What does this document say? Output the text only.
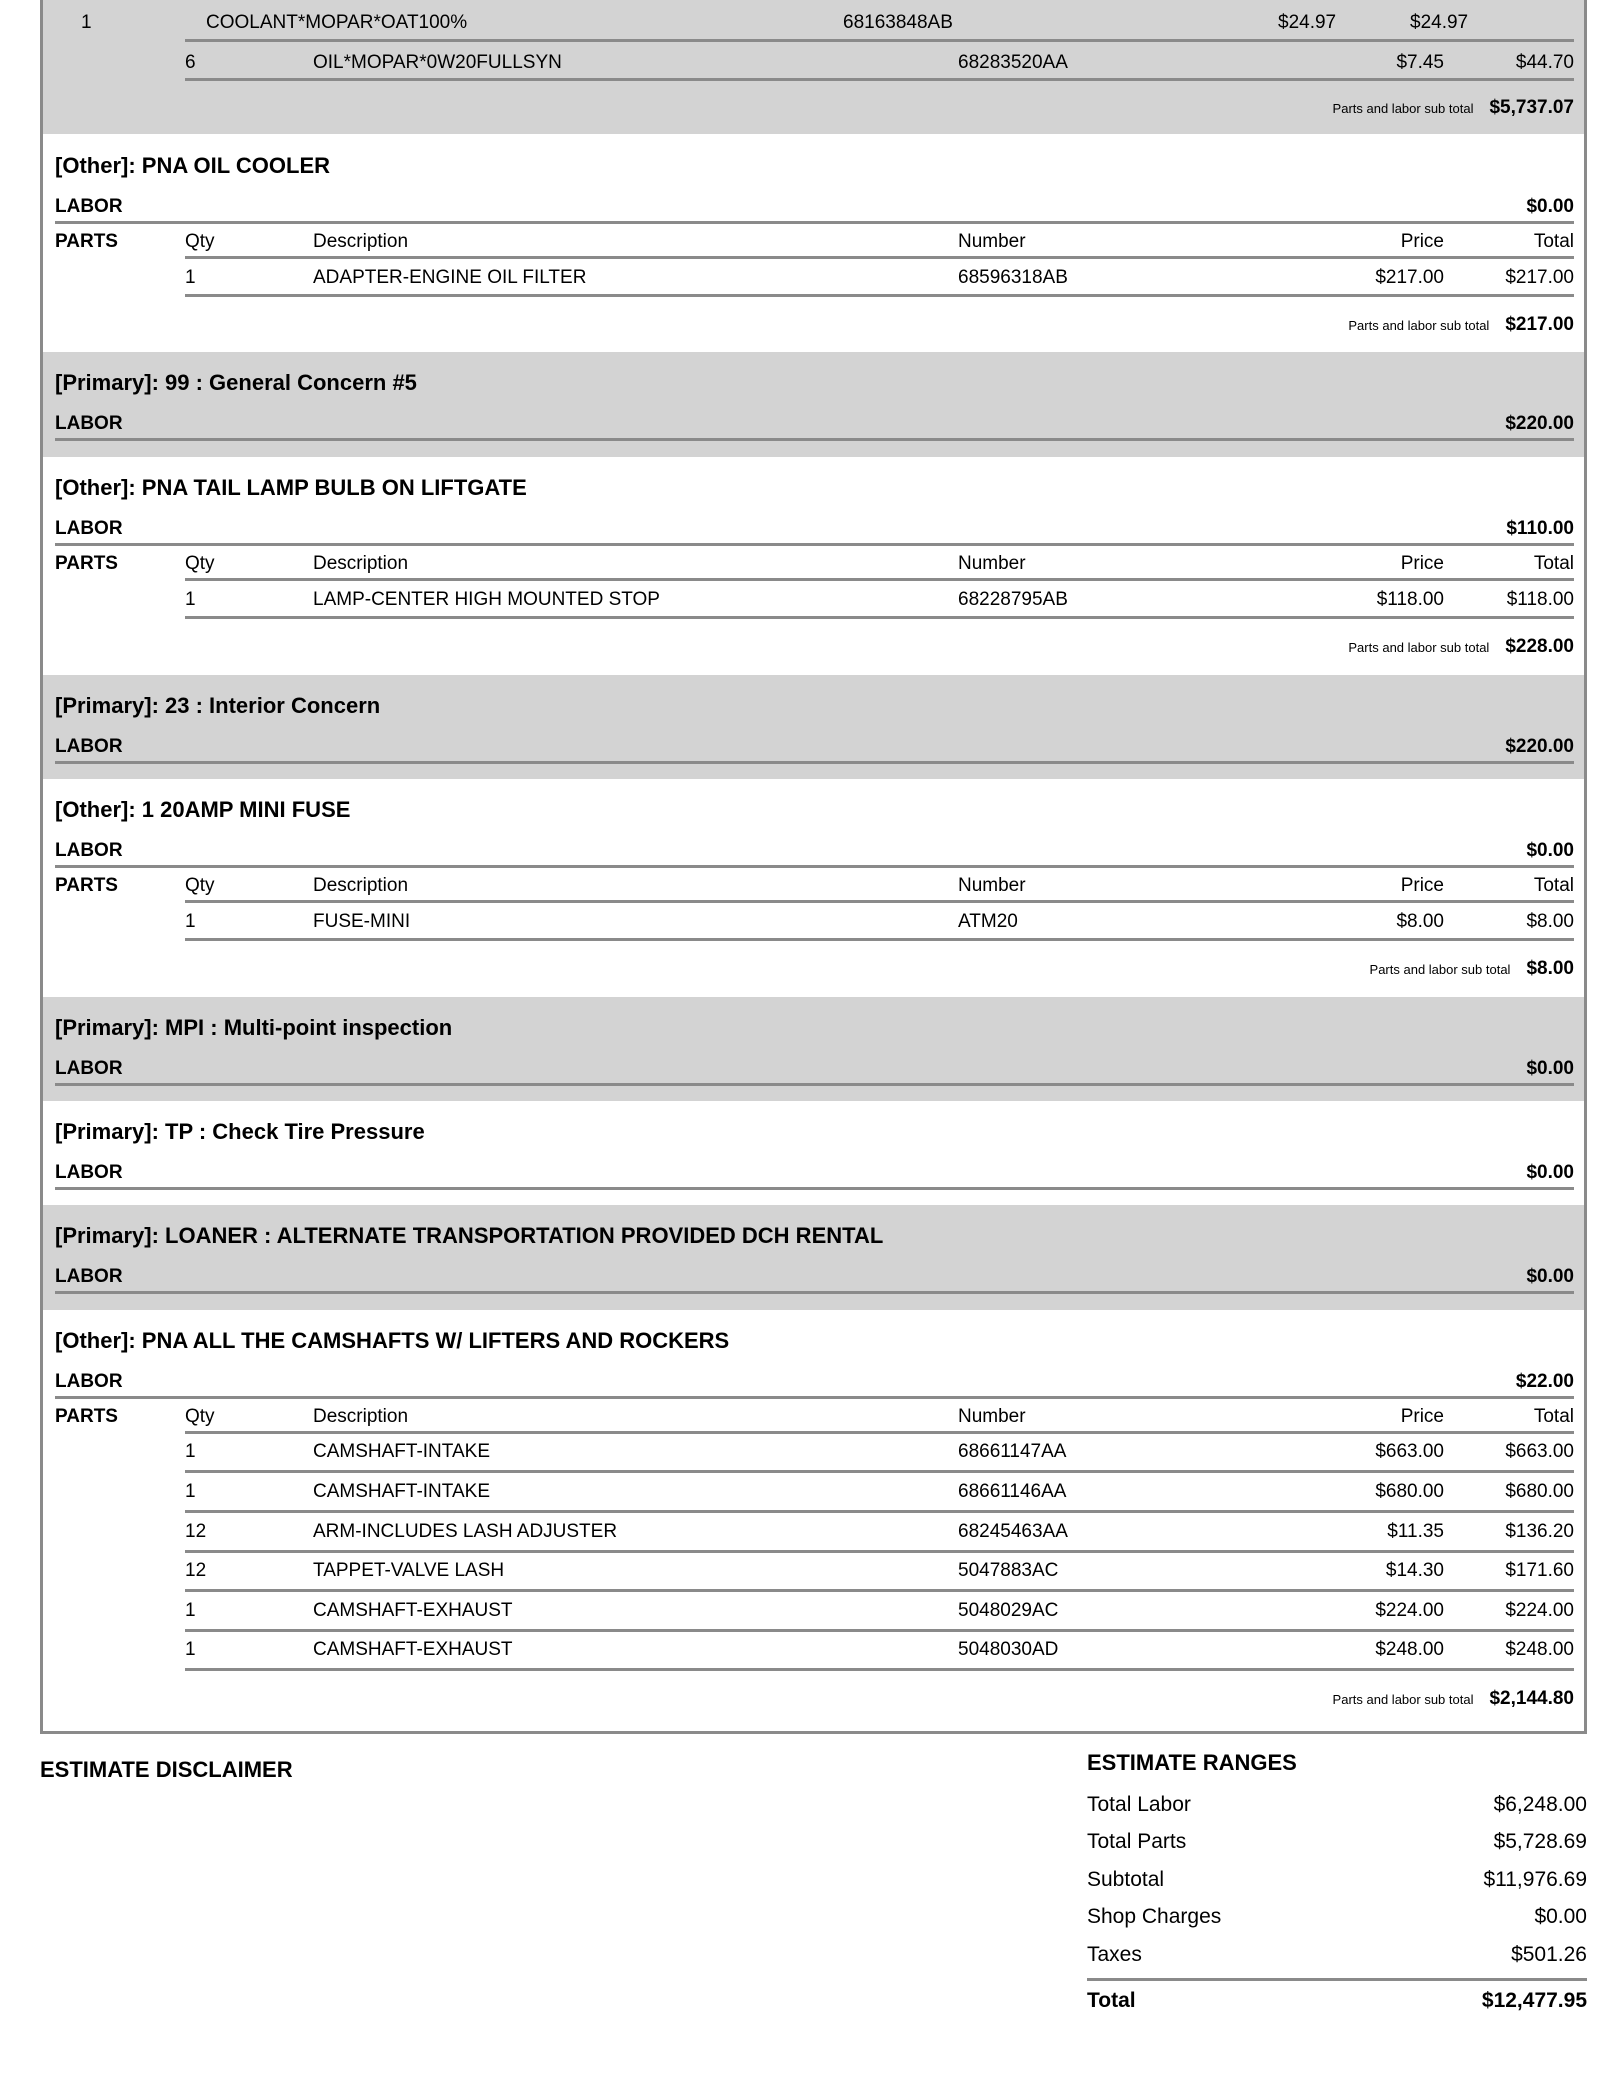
1	COOLANT*MOPAR*OAT100%	68163848AB	$24.97	$24.97
6	OIL*MOPAR*0W20FULLSYN	68283520AA	$7.45	$44.70
Parts and labor sub total $5,737.07
[Other]: PNA OIL COOLER
LABOR	$0.00
PARTS	Qty	Description	Number	Price	Total
1	ADAPTER-ENGINE OIL FILTER	68596318AB	$217.00	$217.00
Parts and labor sub total $217.00
[Primary]: 99 : General Concern #5
LABOR	$220.00
[Other]: PNA TAIL LAMP BULB ON LIFTGATE
LABOR	$110.00
PARTS	Qty	Description	Number	Price	Total
1	LAMP-CENTER HIGH MOUNTED STOP	68228795AB	$118.00	$118.00
Parts and labor sub total $228.00
[Primary]: 23 : Interior Concern
LABOR	$220.00
[Other]: 1 20AMP MINI FUSE
LABOR	$0.00
PARTS	Qty	Description	Number	Price	Total
1	FUSE-MINI	ATM20	$8.00	$8.00
Parts and labor sub total $8.00
[Primary]: MPI : Multi-point inspection
LABOR	$0.00
[Primary]: TP : Check Tire Pressure
LABOR	$0.00
[Primary]: LOANER : ALTERNATE TRANSPORTATION PROVIDED DCH RENTAL
LABOR	$0.00
[Other]: PNA ALL THE CAMSHAFTS W/ LIFTERS AND ROCKERS
LABOR	$22.00
PARTS	Qty	Description	Number	Price	Total
1	CAMSHAFT-INTAKE	68661147AA	$663.00	$663.00
1	CAMSHAFT-INTAKE	68661146AA	$680.00	$680.00
12	ARM-INCLUDES LASH ADJUSTER	68245463AA	$11.35	$136.20
12	TAPPET-VALVE LASH	5047883AC	$14.30	$171.60
1	CAMSHAFT-EXHAUST	5048029AC	$224.00	$224.00
1	CAMSHAFT-EXHAUST	5048030AD	$248.00	$248.00
Parts and labor sub total $2,144.80
ESTIMATE DISCLAIMER	ESTIMATE RANGES
Total Labor	$6,248.00
Total Parts	$5,728.69
Subtotal	$11,976.69
Shop Charges	$0.00
Taxes	$501.26
Total	$12,477.95
